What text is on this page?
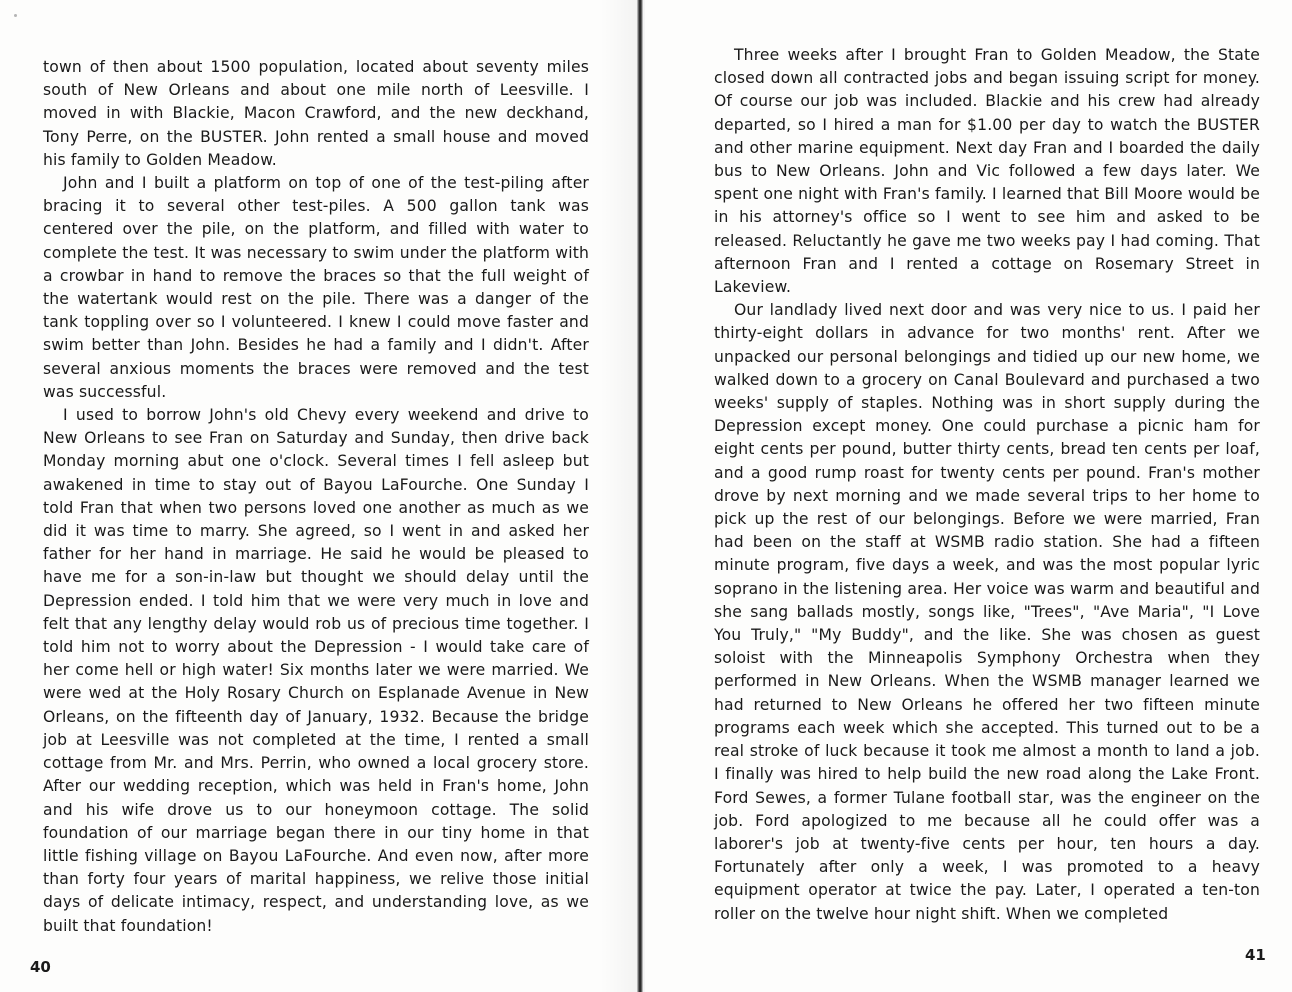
town of then about 1500 population, located about seventy miles south of New Orleans and about one mile north of Leesville. I moved in with Blackie, Macon Crawford, and the new deckhand, Tony Perre, on the BUSTER. John rented a small house and moved his family to Golden Meadow.

John and I built a platform on top of one of the test-piling after bracing it to several other test-piles. A 500 gallon tank was centered over the pile, on the platform, and filled with water to complete the test. It was necessary to swim under the platform with a crowbar in hand to remove the braces so that the full weight of the watertank would rest on the pile. There was a danger of the tank toppling over so I volunteered. I knew I could move faster and swim better than John. Besides he had a family and I didn't. After several anxious moments the braces were removed and the test was successful.

I used to borrow John's old Chevy every weekend and drive to New Orleans to see Fran on Saturday and Sunday, then drive back Monday morning abut one o'clock. Several times I fell asleep but awakened in time to stay out of Bayou LaFourche. One Sunday I told Fran that when two persons loved one another as much as we did it was time to marry. She agreed, so I went in and asked her father for her hand in marriage. He said he would be pleased to have me for a son-in-law but thought we should delay until the Depression ended. I told him that we were very much in love and felt that any lengthy delay would rob us of precious time together. I told him not to worry about the Depression - I would take care of her come hell or high water! Six months later we were married. We were wed at the Holy Rosary Church on Esplanade Avenue in New Orleans, on the fifteenth day of January, 1932. Because the bridge job at Leesville was not completed at the time, I rented a small cottage from Mr. and Mrs. Perrin, who owned a local grocery store. After our wedding reception, which was held in Fran's home, John and his wife drove us to our honeymoon cottage. The solid foundation of our marriage began there in our tiny home in that little fishing village on Bayou LaFourche. And even now, after more than forty four years of marital happiness, we relive those initial days of delicate intimacy, respect, and understanding love, as we built that foundation!

40

Three weeks after I brought Fran to Golden Meadow, the State closed down all contracted jobs and began issuing script for money. Of course our job was included. Blackie and his crew had already departed, so I hired a man for $1.00 per day to watch the BUSTER and other marine equipment. Next day Fran and I boarded the daily bus to New Orleans. John and Vic followed a few days later. We spent one night with Fran's family. I learned that Bill Moore would be in his attorney's office so I went to see him and asked to be released. Reluctantly he gave me two weeks pay I had coming. That afternoon Fran and I rented a cottage on Rosemary Street in Lakeview.

Our landlady lived next door and was very nice to us. I paid her thirty-eight dollars in advance for two months' rent. After we unpacked our personal belongings and tidied up our new home, we walked down to a grocery on Canal Boulevard and purchased a two weeks' supply of staples. Nothing was in short supply during the Depression except money. One could purchase a picnic ham for eight cents per pound, butter thirty cents, bread ten cents per loaf, and a good rump roast for twenty cents per pound. Fran's mother drove by next morning and we made several trips to her home to pick up the rest of our belongings. Before we were married, Fran had been on the staff at WSMB radio station. She had a fifteen minute program, five days a week, and was the most popular lyric soprano in the listening area. Her voice was warm and beautiful and she sang ballads mostly, songs like, "Trees", "Ave Maria", "I Love You Truly," "My Buddy", and the like. She was chosen as guest soloist with the Minneapolis Symphony Orchestra when they performed in New Orleans. When the WSMB manager learned we had returned to New Orleans he offered her two fifteen minute programs each week which she accepted. This turned out to be a real stroke of luck because it took me almost a month to land a job. I finally was hired to help build the new road along the Lake Front. Ford Sewes, a former Tulane football star, was the engineer on the job. Ford apologized to me because all he could offer was a laborer's job at twenty-five cents per hour, ten hours a day. Fortunately after only a week, I was promoted to a heavy equipment operator at twice the pay. Later, I operated a ten-ton roller on the twelve hour night shift. When we completed

41
